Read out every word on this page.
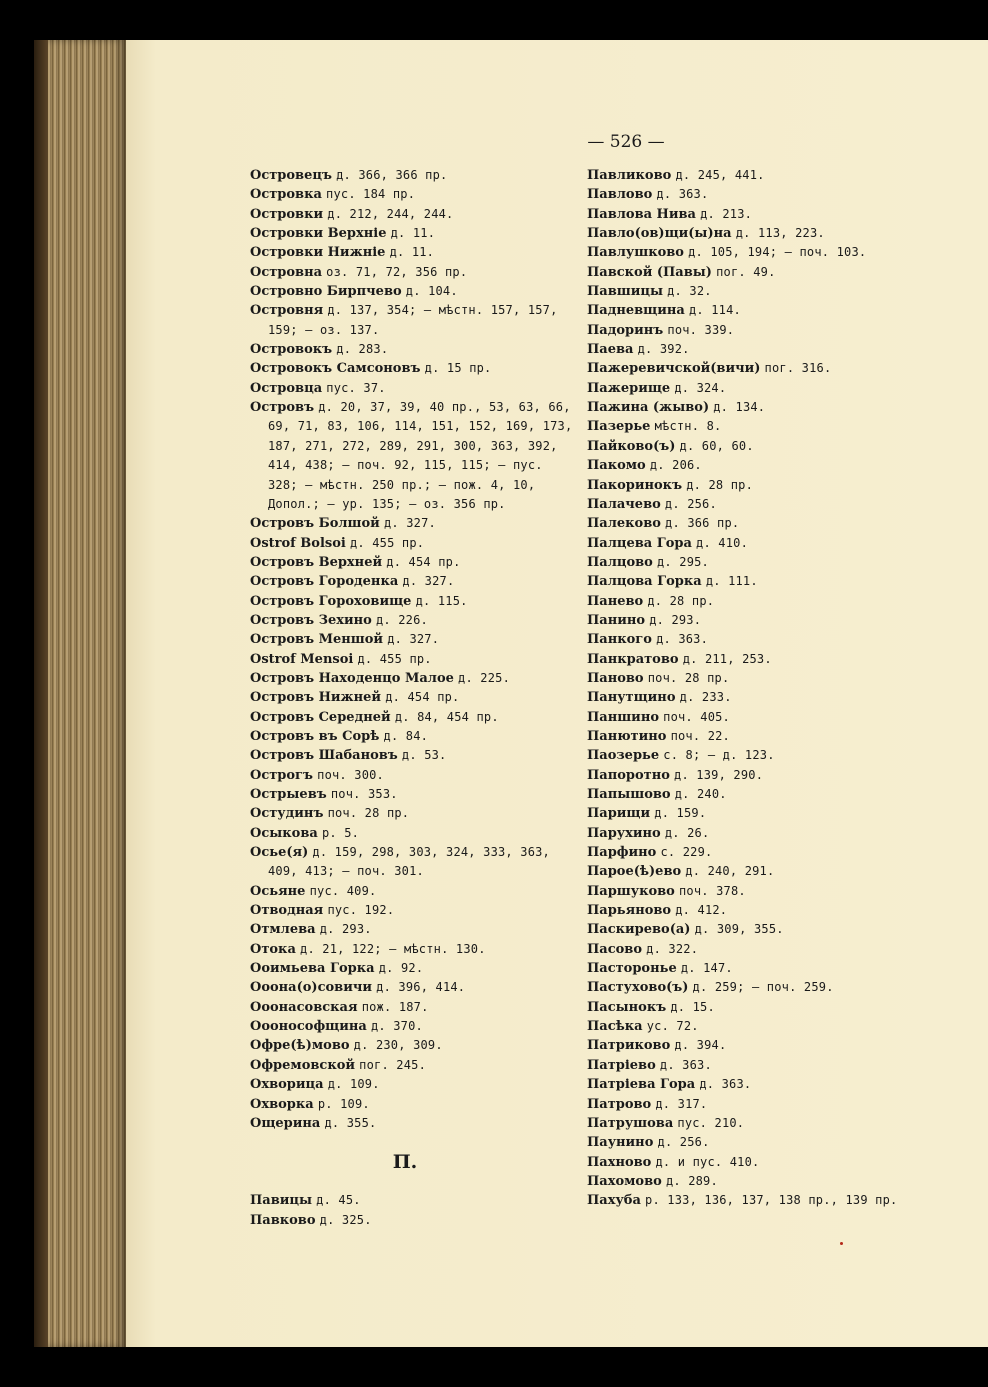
— 526 —
Островецъ д. 366, 366 пр.
Островка пус. 184 пр.
Островки д. 212, 244, 244.
Островки Верхніе д. 11.
Островки Нижніе д. 11.
Островна оз. 71, 72, 356 пр.
Островно Бирпчево д. 104.
Островня д. 137, 354; — мѣстн. 157, 157,
159; — оз. 137.
Островокъ д. 283.
Островокъ Самсоновъ д. 15 пр.
Островца пус. 37.
Островъ д. 20, 37, 39, 40 пр., 53, 63, 66,
69, 71, 83, 106, 114, 151, 152, 169, 173,
187, 271, 272, 289, 291, 300, 363, 392,
414, 438; — поч. 92, 115, 115; — пус.
328; — мѣстн. 250 пр.; — пож. 4, 10,
Допол.; — ур. 135; — оз. 356 пр.
Островъ Болшой д. 327.
Ostrof Bolsoi д. 455 пр.
Островъ Верхней д. 454 пр.
Островъ Городенка д. 327.
Островъ Гороховище д. 115.
Островъ Зехино д. 226.
Островъ Меншой д. 327.
Ostrof Mensoi д. 455 пр.
Островъ Находенцо Малое д. 225.
Островъ Нижней д. 454 пр.
Островъ Середней д. 84, 454 пр.
Островъ въ Сорѣ д. 84.
Островъ Шабановъ д. 53.
Острогъ поч. 300.
Острыевъ поч. 353.
Остудинъ поч. 28 пр.
Осыкова р. 5.
Осье(я) д. 159, 298, 303, 324, 333, 363,
409, 413; — поч. 301.
Осьяне пус. 409.
Отводная пус. 192.
Отмлева д. 293.
Отока д. 21, 122; — мѣстн. 130.
Ооимьева Горка д. 92.
Ооона(о)совичи д. 396, 414.
Ооонасовская пож. 187.
Ооонософщина д. 370.
Офре(ѣ)мово д. 230, 309.
Офремовской пог. 245.
Охворица д. 109.
Охворка р. 109.
Ощерина д. 355.
П.
Павицы д. 45.
Павково д. 325.
Павликово д. 245, 441.
Павлово д. 363.
Павлова Нива д. 213.
Павло(ов)щи(ы)на д. 113, 223.
Павлушково д. 105, 194; — поч. 103.
Павской (Павы) пог. 49.
Павшицы д. 32.
Падневщина д. 114.
Падоринъ поч. 339.
Паева д. 392.
Пажеревичской(вичи) пог. 316.
Пажерище д. 324.
Пажина (жыво) д. 134.
Пазерье мѣстн. 8.
Пайково(ъ) д. 60, 60.
Пакомо д. 206.
Пакоринокъ д. 28 пр.
Палачево д. 256.
Палеково д. 366 пр.
Палцева Гора д. 410.
Палцово д. 295.
Палцова Горка д. 111.
Панево д. 28 пр.
Панино д. 293.
Панкого д. 363.
Панкратово д. 211, 253.
Паново поч. 28 пр.
Панутщино д. 233.
Паншино поч. 405.
Панютино поч. 22.
Паозерье с. 8; — д. 123.
Папоротно д. 139, 290.
Папышово д. 240.
Парищи д. 159.
Парухино д. 26.
Парфино с. 229.
Парое(ѣ)ево д. 240, 291.
Паршуково поч. 378.
Парьяново д. 412.
Паскирево(а) д. 309, 355.
Пасово д. 322.
Пастороньe д. 147.
Пастухово(ъ) д. 259; — поч. 259.
Пасынокъ д. 15.
Пасѣка ус. 72.
Патриково д. 394.
Патріево д. 363.
Патріева Гора д. 363.
Патрово д. 317.
Патрушова пус. 210.
Паунино д. 256.
Пахново д. и пус. 410.
Пахомово д. 289.
Пахуба р. 133, 136, 137, 138 пр., 139 пр.
